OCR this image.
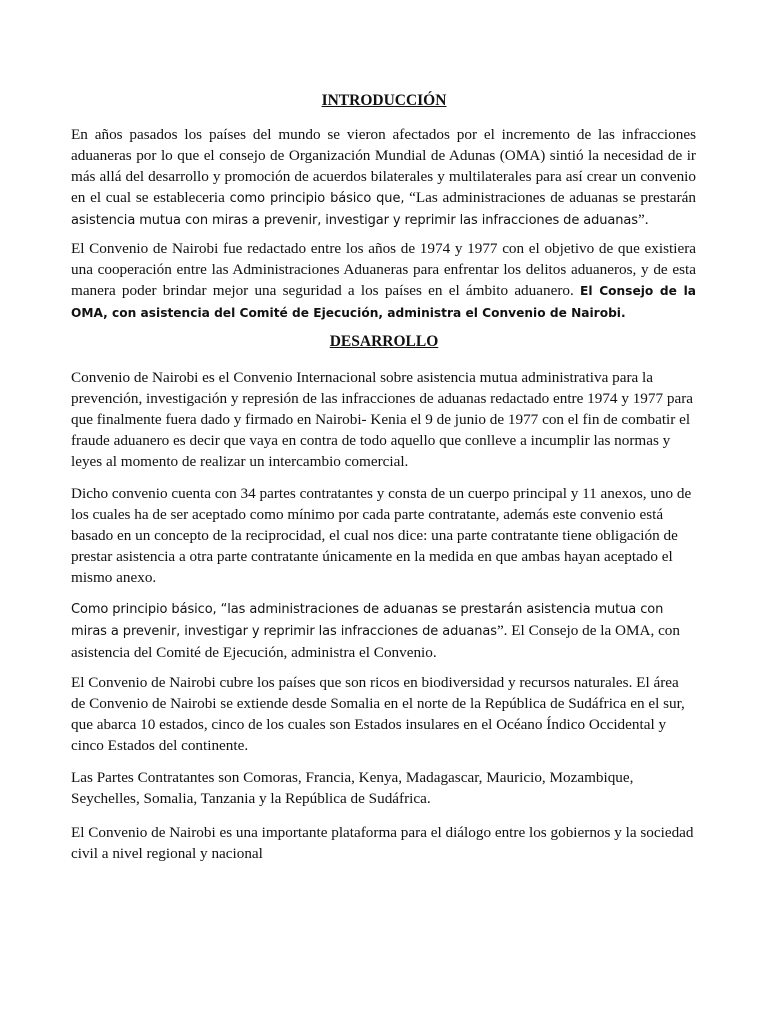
INTRODUCCIÓN

En años pasados los países del mundo se vieron afectados por el incremento de las infracciones aduaneras por lo que el consejo de Organización Mundial de Adunas (OMA) sintió la necesidad de ir más allá del desarrollo y promoción de acuerdos bilaterales y multilaterales para así crear un convenio en el cual se estableceria como principio básico que, “Las administraciones de aduanas se prestarán asistencia mutua con miras a prevenir, investigar y reprimir las infracciones de aduanas”.

El Convenio de Nairobi fue redactado entre los años de 1974 y 1977 con el objetivo de que existiera una cooperación entre las Administraciones Aduaneras para enfrentar los delitos aduaneros, y de esta manera poder brindar mejor una seguridad a los países en el ámbito aduanero. El Consejo de la OMA, con asistencia del Comité de Ejecución, administra el Convenio de Nairobi.

DESARROLLO

Convenio de Nairobi es el Convenio Internacional sobre asistencia mutua administrativa para la prevención, investigación y represión de las infracciones de aduanas redactado entre 1974 y 1977 para que finalmente fuera dado y firmado en Nairobi- Kenia el 9 de junio de 1977 con el fin de combatir el fraude aduanero es decir que vaya en contra de todo aquello que conlleve a incumplir las normas y leyes al momento de realizar un intercambio comercial.

Dicho convenio cuenta con 34 partes contratantes y consta de un cuerpo principal y 11 anexos, uno de los cuales ha de ser aceptado como mínimo por cada parte contratante, además este convenio está basado en un concepto de la reciprocidad, el cual nos dice: una parte contratante tiene obligación de prestar asistencia a otra parte contratante únicamente en la medida en que ambas hayan aceptado el mismo anexo.

Como principio básico, “las administraciones de aduanas se prestarán asistencia mutua con miras a prevenir, investigar y reprimir las infracciones de aduanas”. El Consejo de la OMA, con asistencia del Comité de Ejecución, administra el Convenio.

El Convenio de Nairobi cubre los países que son ricos en biodiversidad y recursos naturales. El área de Convenio de Nairobi se extiende desde Somalia en el norte de la República de Sudáfrica en el sur, que abarca 10 estados, cinco de los cuales son Estados insulares en el Océano Índico Occidental y cinco Estados del continente.

Las Partes Contratantes son Comoras, Francia, Kenya, Madagascar, Mauricio, Mozambique, Seychelles, Somalia, Tanzania y la República de Sudáfrica.

El Convenio de Nairobi es una importante plataforma para el diálogo entre los gobiernos y la sociedad civil a nivel regional y nacional
